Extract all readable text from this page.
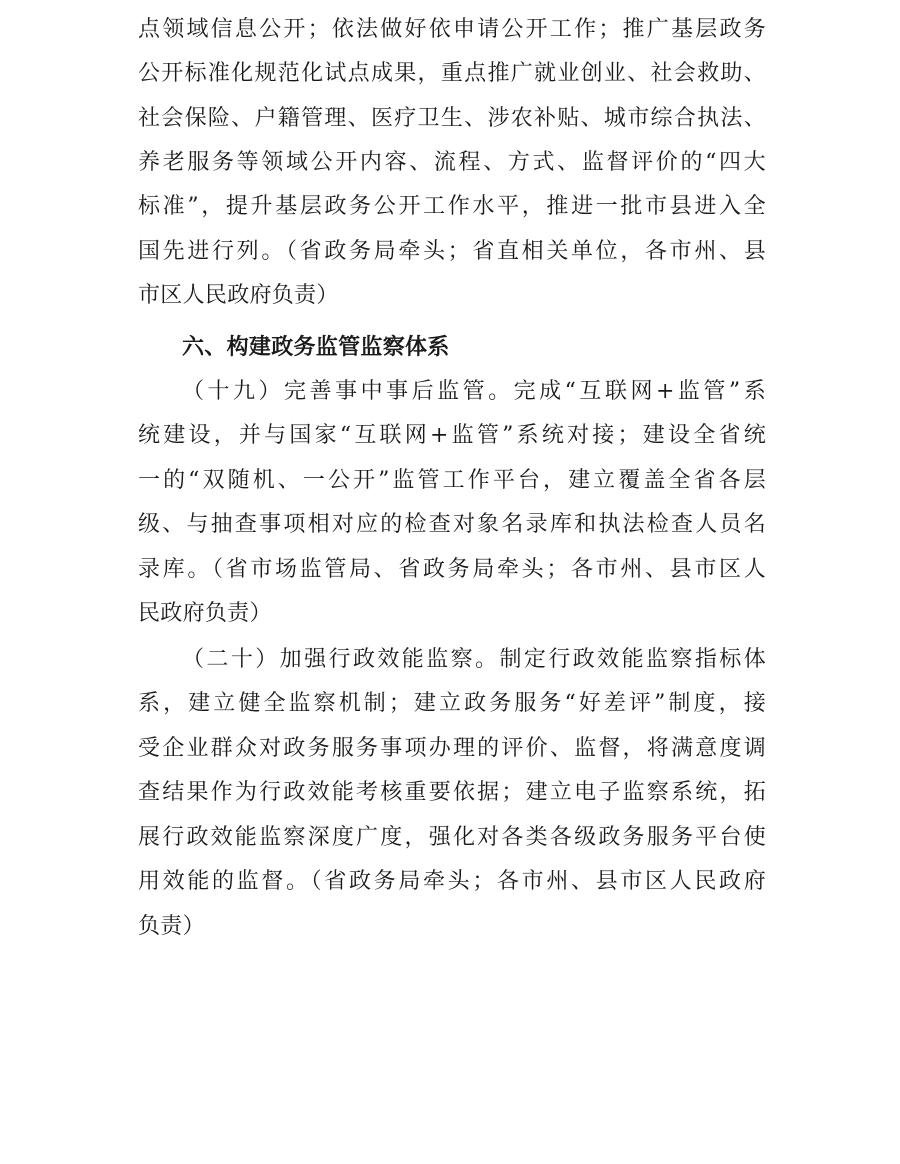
点领域信息公开；依法做好依申请公开工作；推广基层政务
公开标准化规范化试点成果，重点推广就业创业、社会救助、
社会保险、户籍管理、医疗卫生、涉农补贴、城市综合执法、
养老服务等领域公开内容、流程、方式、监督评价的“四大
标准”，提升基层政务公开工作水平，推进一批市县进入全
国先进行列。（省政务局牵头；省直相关单位，各市州、县
市区人民政府负责）
六、构建政务监管监察体系
（十九）完善事中事后监管。完成“互联网+监管”系
统建设，并与国家“互联网+监管”系统对接；建设全省统
一的“双随机、一公开”监管工作平台，建立覆盖全省各层
级、与抽查事项相对应的检查对象名录库和执法检查人员名
录库。（省市场监管局、省政务局牵头；各市州、县市区人
民政府负责）
（二十）加强行政效能监察。制定行政效能监察指标体
系，建立健全监察机制；建立政务服务“好差评”制度，接
受企业群众对政务服务事项办理的评价、监督，将满意度调
查结果作为行政效能考核重要依据；建立电子监察系统，拓
展行政效能监察深度广度，强化对各类各级政务服务平台使
用效能的监督。（省政务局牵头；各市州、县市区人民政府
负责）
